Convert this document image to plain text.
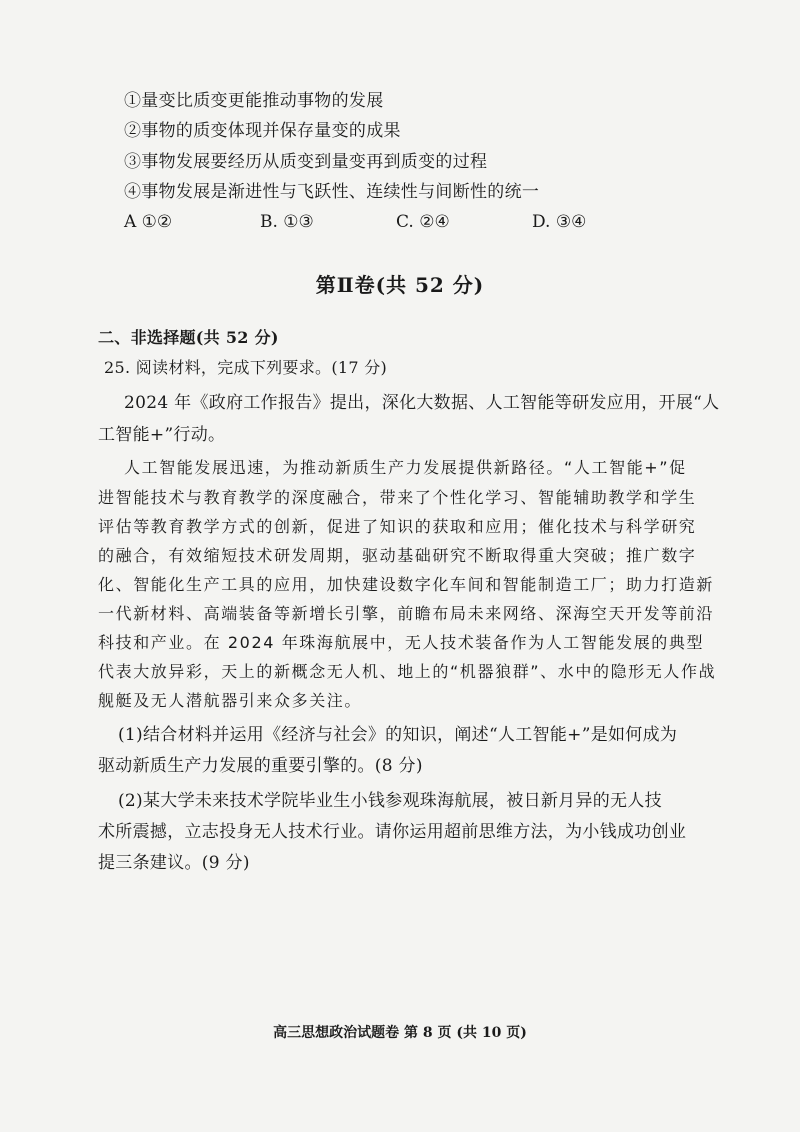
①量变比质变更能推动事物的发展
②事物的质变体现并保存量变的成果
③事物发展要经历从质变到量变再到质变的过程
④事物发展是渐进性与飞跃性、连续性与间断性的统一
A ①②	B. ①③	C. ②④	D. ③④
第Ⅱ卷(共 52 分)
二、非选择题(共 52 分)
25. 阅读材料，完成下列要求。(17 分)
2024 年《政府工作报告》提出，深化大数据、人工智能等研发应用，开展“人
工智能+”行动。
人工智能发展迅速，为推动新质生产力发展提供新路径。“人工智能+”促
进智能技术与教育教学的深度融合，带来了个性化学习、智能辅助教学和学生
评估等教育教学方式的创新，促进了知识的获取和应用；催化技术与科学研究
的融合，有效缩短技术研发周期，驱动基础研究不断取得重大突破；推广数字
化、智能化生产工具的应用，加快建设数字化车间和智能制造工厂；助力打造新
一代新材料、高端装备等新增长引擎，前瞻布局未来网络、深海空天开发等前沿
科技和产业。在 2024 年珠海航展中，无人技术装备作为人工智能发展的典型
代表大放异彩，天上的新概念无人机、地上的“机器狼群”、水中的隐形无人作战
舰艇及无人潜航器引来众多关注。
(1)结合材料并运用《经济与社会》的知识，阐述“人工智能+”是如何成为
驱动新质生产力发展的重要引擎的。(8 分)
(2)某大学未来技术学院毕业生小钱参观珠海航展，被日新月异的无人技
术所震撼，立志投身无人技术行业。请你运用超前思维方法，为小钱成功创业
提三条建议。(9 分)
高三思想政治试题卷 第 8 页 (共 10 页)
